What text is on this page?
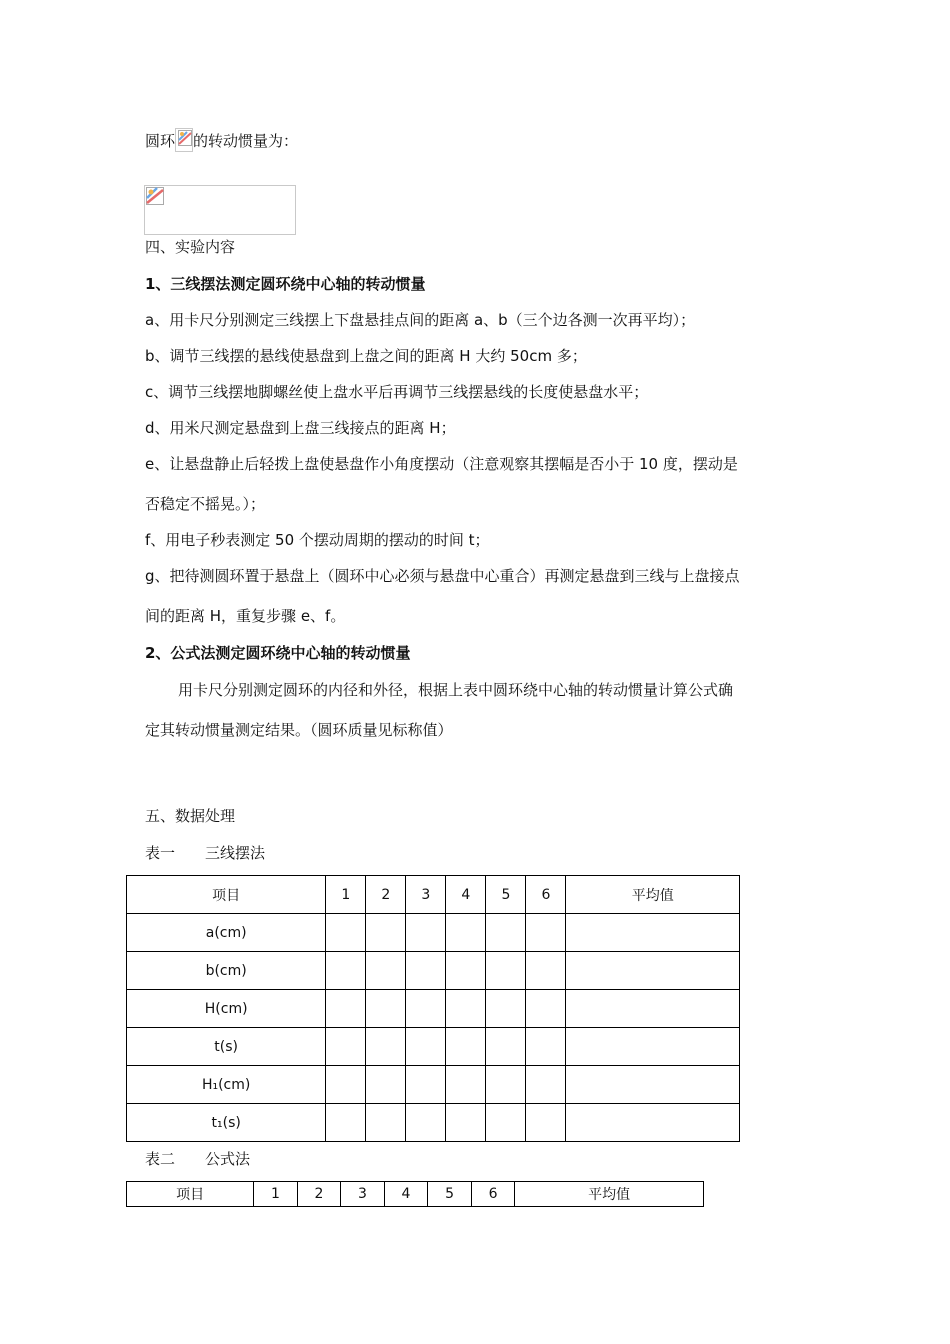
圆环 的转动惯量为：
四、实验内容
1、三线摆法测定圆环绕中心轴的转动惯量
a、用卡尺分别测定三线摆上下盘悬挂点间的距离 a、b（三个边各测一次再平均）；
b、调节三线摆的悬线使悬盘到上盘之间的距离 H 大约 50cm 多；
c、调节三线摆地脚螺丝使上盘水平后再调节三线摆悬线的长度使悬盘水平；
d、用米尺测定悬盘到上盘三线接点的距离 H；
e、让悬盘静止后轻拨上盘使悬盘作小角度摆动（注意观察其摆幅是否小于 10 度，摆动是
否稳定不摇晃。）；
f、用电子秒表测定 50 个摆动周期的摆动的时间 t；
g、把待测圆环置于悬盘上（圆环中心必须与悬盘中心重合）再测定悬盘到三线与上盘接点
间的距离 H，重复步骤 e、f。
2、公式法测定圆环绕中心轴的转动惯量
用卡尺分别测定圆环的内径和外径，根据上表中圆环绕中心轴的转动惯量计算公式确
定其转动惯量测定结果。（圆环质量见标称值）
五、数据处理
表一　　三线摆法
项目	1	2	3	4	5	6	平均值
a(cm)							
b(cm)							
H(cm)							
t(s)							
H₁(cm)							
t₁(s)							
表二　　公式法
项目	1	2	3	4	5	6	平均值
